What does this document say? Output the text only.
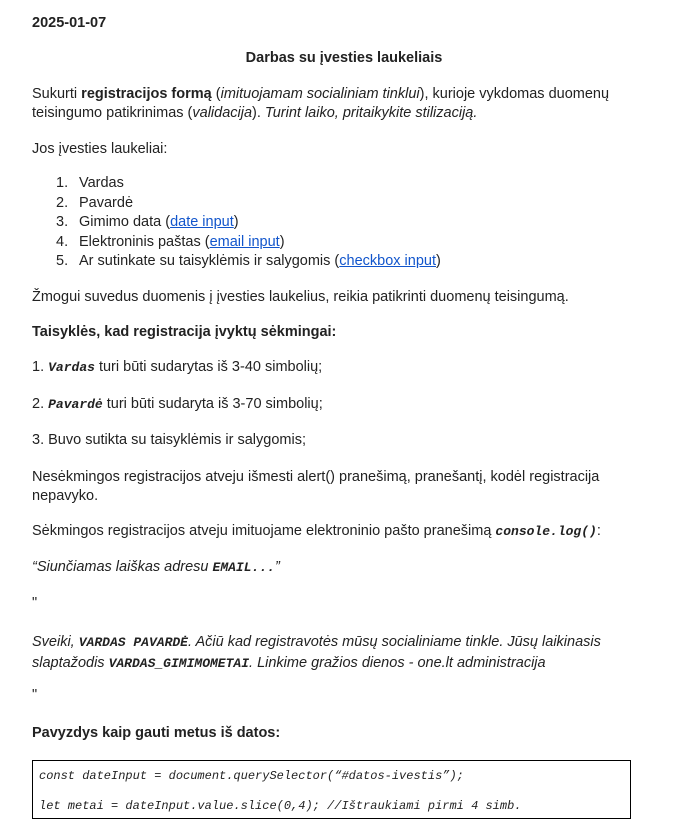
2025-01-07
Darbas su įvesties laukeliais

Sukurti registracijos formą (imituojamam socialiniam tinklui), kurioje vykdomas duomenų teisingumo patikrinimas (validacija). Turint laiko, pritaikykite stilizaciją.

Jos įvesties laukeliai:
1. Vardas
2. Pavardė
3. Gimimo data (date input)
4. Elektroninis paštas (email input)
5. Ar sutinkate su taisyklėmis ir salygomis (checkbox input)
Žmogui suvedus duomenis į įvesties laukelius, reikia patikrinti duomenų teisingumą.
Taisyklės, kad registracija įvyktų sėkmingai:
1. Vardas turi būti sudarytas iš 3-40 simbolių;
2. Pavardė turi būti sudaryta iš 3-70 simbolių;
3. Buvo sutikta su taisyklėmis ir salygomis;

Nesėkmingos registracijos atveju išmesti alert() pranešimą, pranešantį, kodėl registracija nepavyko.

Sėkmingos registracijos atveju imituojame elektroninio pašto pranešimą console.log():
“Siunčiamas laiškas adresu EMAIL...”
"

Sveiki, VARDAS PAVARDĖ. Ačiū kad registravotės mūsų socialiniame tinkle. Jūsų laikinasis slaptažodis VARDAS_GIMIMOMETAI. Linkime gražios dienos - one.lt administracija

"
Pavyzdys kaip gauti metus iš datos:
const dateInput = document.querySelector(“#datos-ivestis”);
let metai = dateInput.value.slice(0,4); //Ištraukiami pirmi 4 simb.
